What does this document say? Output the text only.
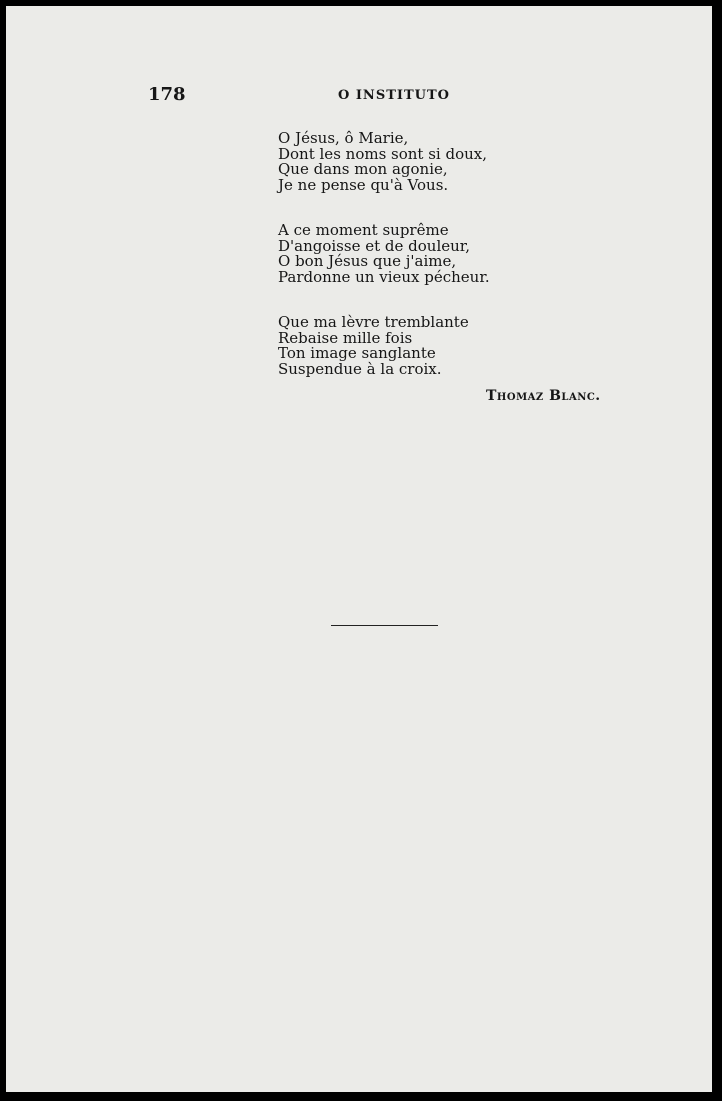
178	O INSTITUTO
O Jésus, ô Marie,
Dont les noms sont si doux,
Que dans mon agonie,
Je ne pense qu'à Vous.
A ce moment suprême
D'angoisse et de douleur,
O bon Jésus que j'aime,
Pardonne un vieux pécheur.
Que ma lèvre tremblante
Rebaise mille fois
Ton image sanglante
Suspendue à la croix.
Thomaz Blanc.
